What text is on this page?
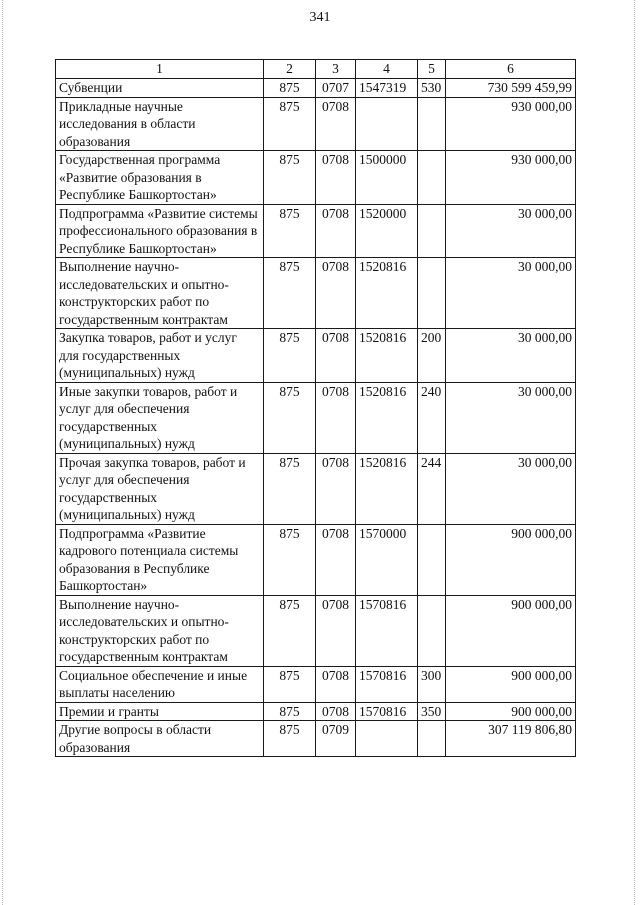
341
1	2	3	4	5	6
Субвенции	875	0707	1547319	530	730 599 459,99
Прикладные научные исследования в области образования	875	0708			930 000,00
Государственная программа «Развитие образования в Республике Башкортостан»	875	0708	1500000		930 000,00
Подпрограмма «Развитие системы профессионального образования в Республике Башкортостан»	875	0708	1520000		30 000,00
Выполнение научно-исследовательских и опытно-конструкторских работ по государственным контрактам	875	0708	1520816		30 000,00
Закупка товаров, работ и услуг для государственных (муниципальных) нужд	875	0708	1520816	200	30 000,00
Иные закупки товаров, работ и услуг для обеспечения государственных (муниципальных) нужд	875	0708	1520816	240	30 000,00
Прочая закупка товаров, работ и услуг для обеспечения государственных (муниципальных) нужд	875	0708	1520816	244	30 000,00
Подпрограмма «Развитие кадрового потенциала системы образования в Республике Башкортостан»	875	0708	1570000		900 000,00
Выполнение научно-исследовательских и опытно-конструкторских работ по государственным контрактам	875	0708	1570816		900 000,00
Социальное обеспечение и иные выплаты населению	875	0708	1570816	300	900 000,00
Премии и гранты	875	0708	1570816	350	900 000,00
Другие вопросы в области образования	875	0709			307 119 806,80
